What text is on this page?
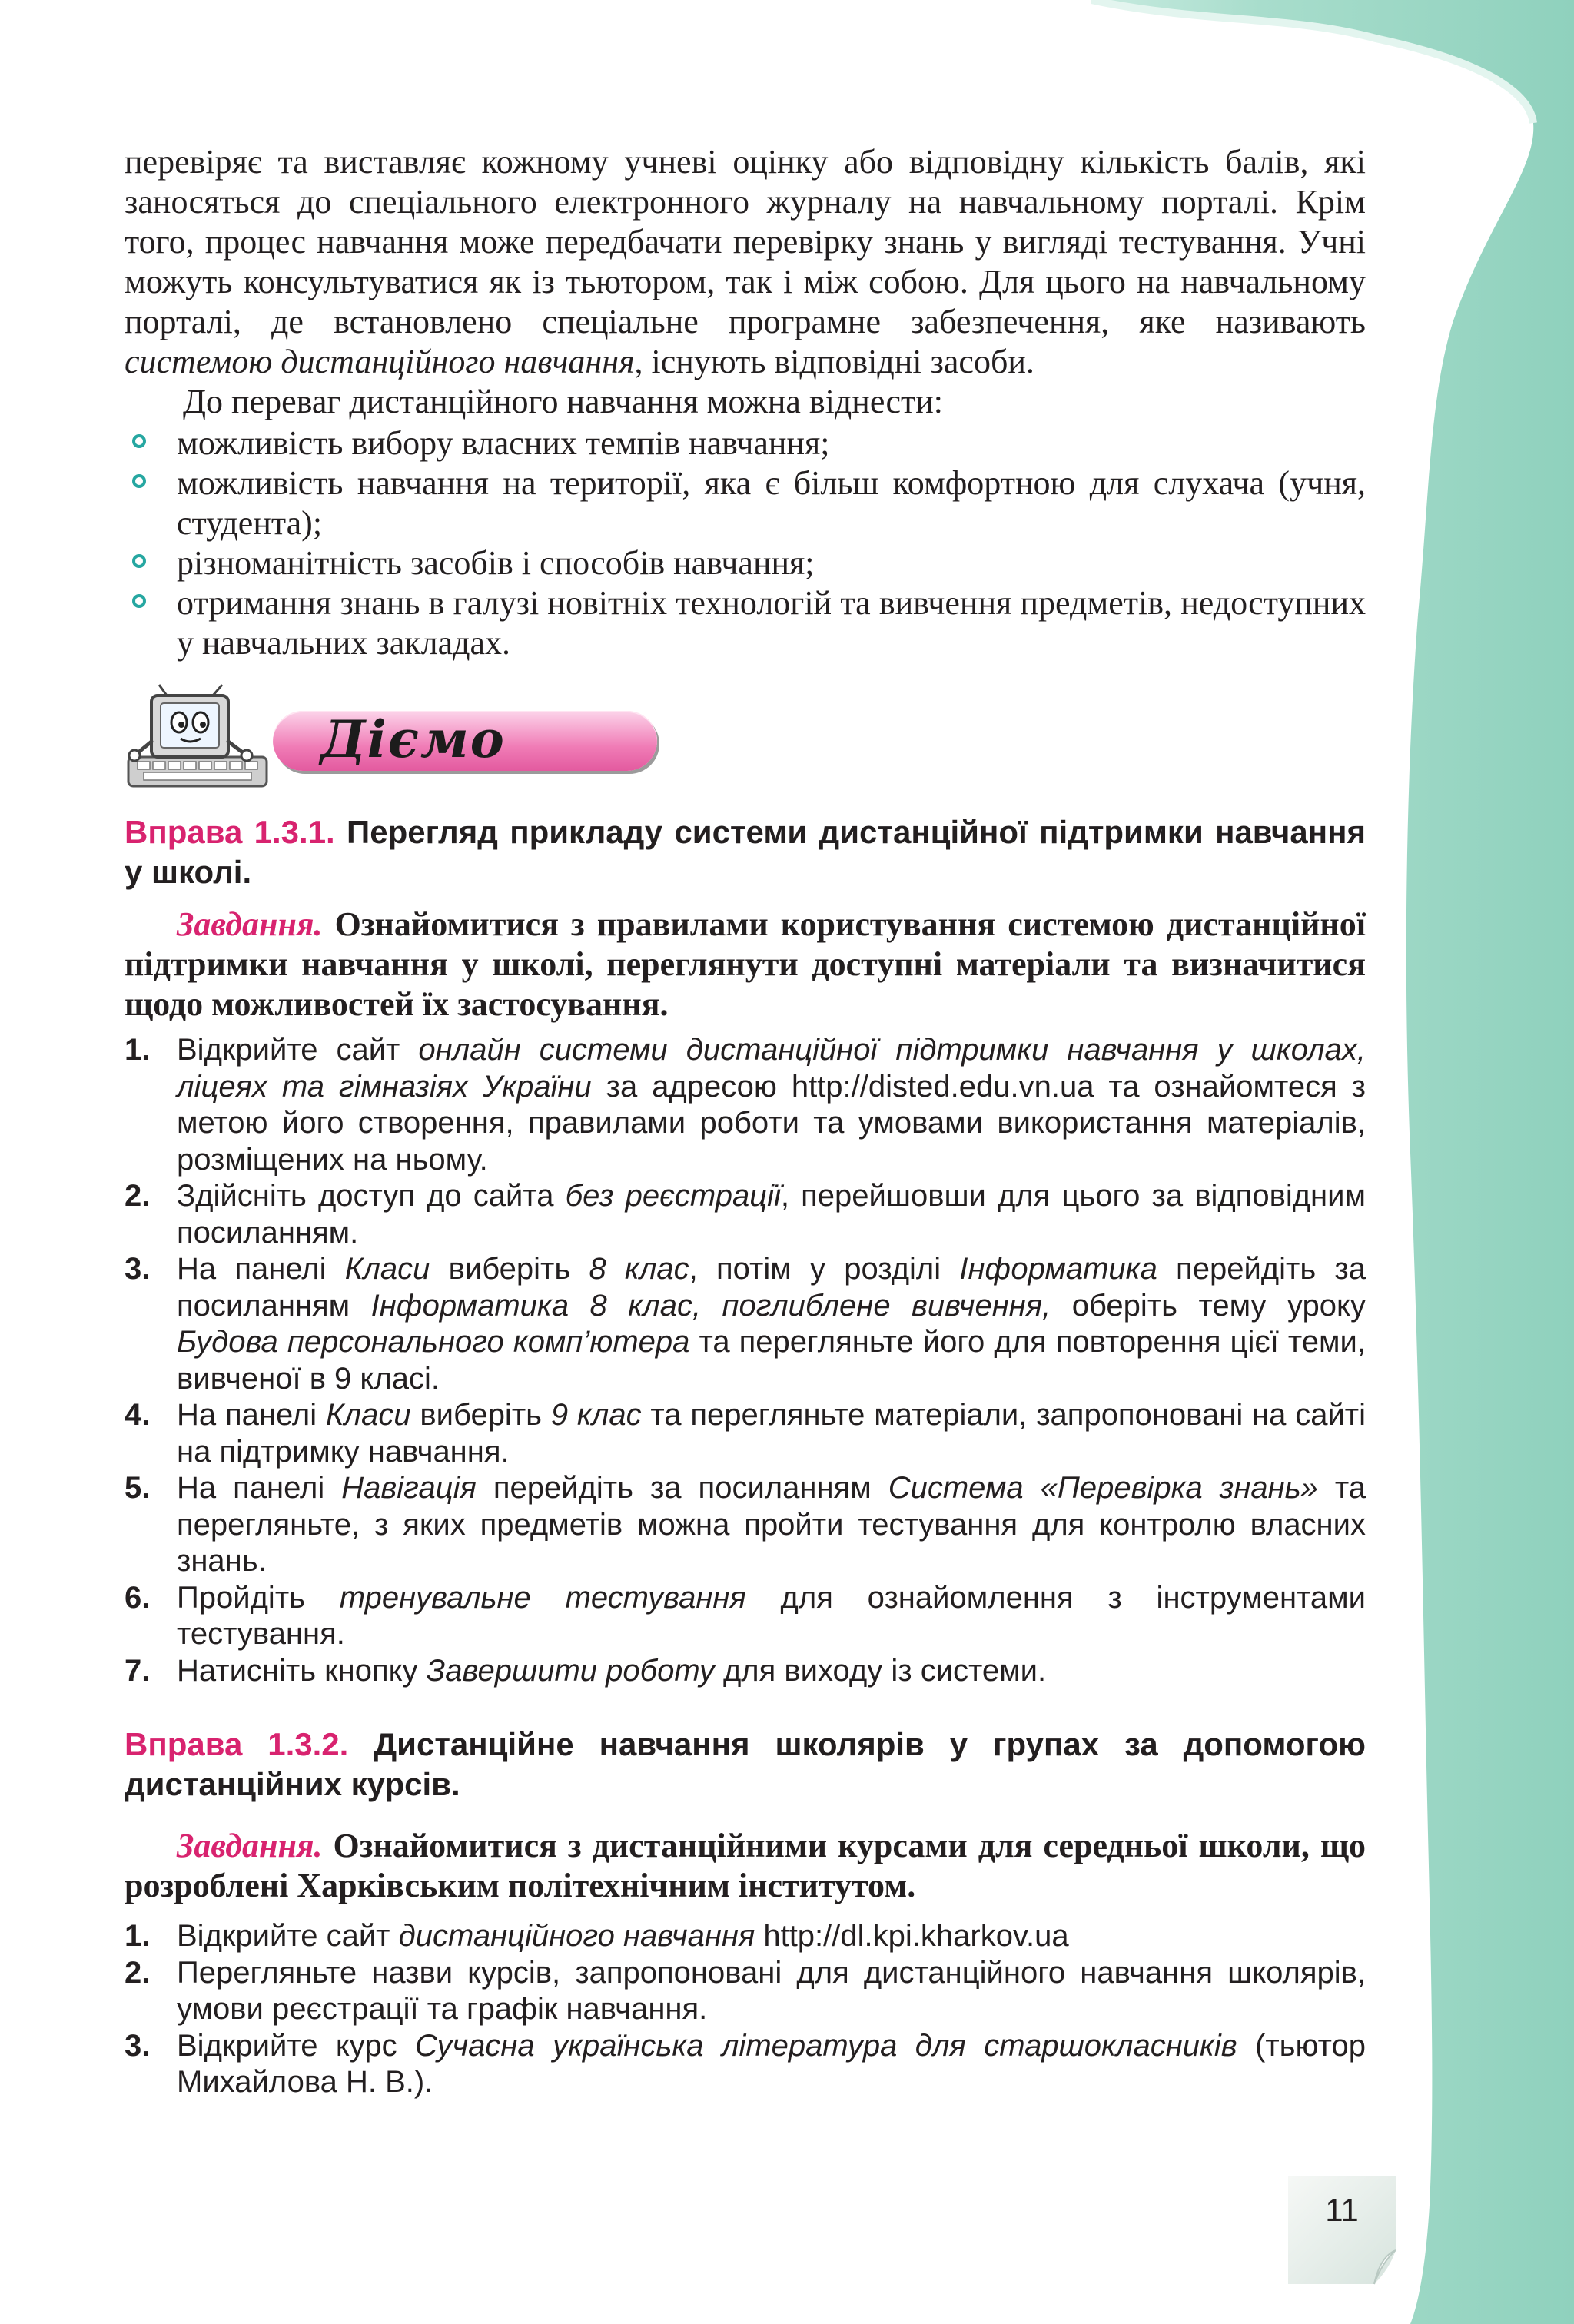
перевіряє та виставляє кожному учневі оцінку або відповідну кількість балів, які заносяться до спеціального електронного журналу на навчальному порталі. Крім того, процес навчання може передбачати перевірку знань у вигляді тестування. Учні можуть консультуватися як із тьютором, так і між собою. Для цього на навчальному порталі, де встановлено спеціальне програмне забезпечення, яке називають системою дистанційного навчання, існують відповідні засоби.

До переваг дистанційного навчання можна віднести:

можливість вибору власних темпів навчання;
можливість навчання на території, яка є більш комфортною для слухача (учня, студента);
різноманітність засобів і способів навчання;
отримання знань в галузі новітніх технологій та вивчення предметів, недоступних у навчальних закладах.
Діємо

Вправа 1.3.1. Перегляд прикладу системи дистанційної підтримки навчання у школі.

Завдання. Ознайомитися з правилами користування системою дистанційної підтримки навчання у школі, переглянути доступні матеріали та визначитися щодо можливостей їх застосування.

1. Відкрийте сайт онлайн системи дистанційної підтримки навчання у школах, ліцеях та гімназіях України за адресою http://disted.edu.vn.ua та ознайомтеся з метою його створення, правилами роботи та умовами використання матеріалів, розміщених на ньому.
2. Здійсніть доступ до сайта без реєстрації, перейшовши для цього за відповідним посиланням.
3. На панелі Класи виберіть 8 клас, потім у розділі Інформатика перейдіть за посиланням Інформатика 8 клас, поглиблене вивчення, оберіть тему уроку Будова персонального комп’ютера та перегляньте його для повторення цієї теми, вивченої в 9 класі.
4. На панелі Класи виберіть 9 клас та перегляньте матеріали, запропоновані на сайті на підтримку навчання.
5. На панелі Навігація перейдіть за посиланням Система «Перевірка знань» та перегляньте, з яких предметів можна пройти тестування для контролю власних знань.
6. Пройдіть тренувальне тестування для ознайомлення з інструментами тестування.
7. Натисніть кнопку Завершити роботу для виходу із системи.

Вправа 1.3.2. Дистанційне навчання школярів у групах за допомогою дистанційних курсів.

Завдання. Ознайомитися з дистанційними курсами для середньої школи, що розроблені Харківським політехнічним інститутом.

1. Відкрийте сайт дистанційного навчання http://dl.kpi.kharkov.ua
2. Перегляньте назви курсів, запропоновані для дистанційного навчання школярів, умови реєстрації та графік навчання.
3. Відкрийте курс Сучасна українська література для старшокласників (тьютор Михайлова Н. В.).
11
